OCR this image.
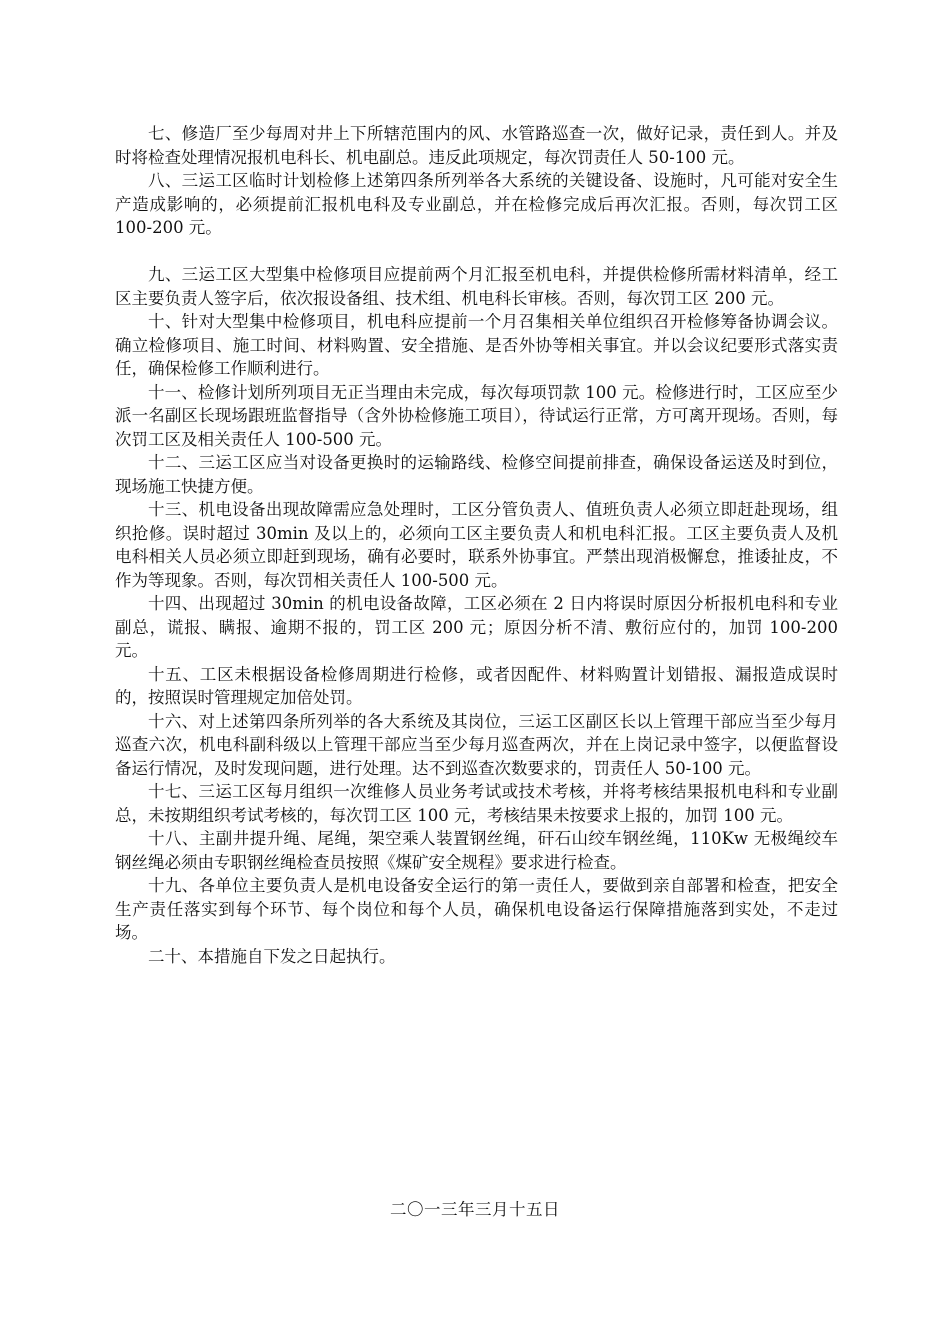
七、修造厂至少每周对井上下所辖范围内的风、水管路巡查一次，做好记录，责任到人。并及时将检查处理情况报机电科长、机电副总。违反此项规定，每次罚责任人 50-100 元。

八、三运工区临时计划检修上述第四条所列举各大系统的关键设备、设施时，凡可能对安全生产造成影响的，必须提前汇报机电科及专业副总，并在检修完成后再次汇报。否则，每次罚工区 100-200 元。

九、三运工区大型集中检修项目应提前两个月汇报至机电科，并提供检修所需材料清单，经工区主要负责人签字后，依次报设备组、技术组、机电科长审核。否则，每次罚工区 200 元。

十、针对大型集中检修项目，机电科应提前一个月召集相关单位组织召开检修筹备协调会议。确立检修项目、施工时间、材料购置、安全措施、是否外协等相关事宜。并以会议纪要形式落实责任，确保检修工作顺利进行。

十一、检修计划所列项目无正当理由未完成，每次每项罚款 100 元。检修进行时，工区应至少派一名副区长现场跟班监督指导（含外协检修施工项目），待试运行正常，方可离开现场。否则，每次罚工区及相关责任人 100-500 元。

十二、三运工区应当对设备更换时的运输路线、检修空间提前排查，确保设备运送及时到位，现场施工快捷方便。

十三、机电设备出现故障需应急处理时，工区分管负责人、值班负责人必须立即赶赴现场，组织抢修。误时超过 30min 及以上的，必须向工区主要负责人和机电科汇报。工区主要负责人及机电科相关人员必须立即赶到现场，确有必要时，联系外协事宜。严禁出现消极懈怠，推诿扯皮，不作为等现象。否则，每次罚相关责任人 100-500 元。

十四、出现超过 30min 的机电设备故障，工区必须在 2 日内将误时原因分析报机电科和专业副总，谎报、瞒报、逾期不报的，罚工区 200 元；原因分析不清、敷衍应付的，加罚 100-200 元。

十五、工区未根据设备检修周期进行检修，或者因配件、材料购置计划错报、漏报造成误时的，按照误时管理规定加倍处罚。

十六、对上述第四条所列举的各大系统及其岗位，三运工区副区长以上管理干部应当至少每月巡查六次，机电科副科级以上管理干部应当至少每月巡查两次，并在上岗记录中签字，以便监督设备运行情况，及时发现问题，进行处理。达不到巡查次数要求的，罚责任人 50-100 元。

十七、三运工区每月组织一次维修人员业务考试或技术考核，并将考核结果报机电科和专业副总，未按期组织考试考核的，每次罚工区 100 元，考核结果未按要求上报的，加罚 100 元。

十八、主副井提升绳、尾绳，架空乘人装置钢丝绳，矸石山绞车钢丝绳，110Kw 无极绳绞车钢丝绳必须由专职钢丝绳检查员按照《煤矿安全规程》要求进行检查。

十九、各单位主要负责人是机电设备安全运行的第一责任人，要做到亲自部署和检查，把安全生产责任落实到每个环节、每个岗位和每个人员，确保机电设备运行保障措施落到实处，不走过场。

二十、本措施自下发之日起执行。

二〇一三年三月十五日
